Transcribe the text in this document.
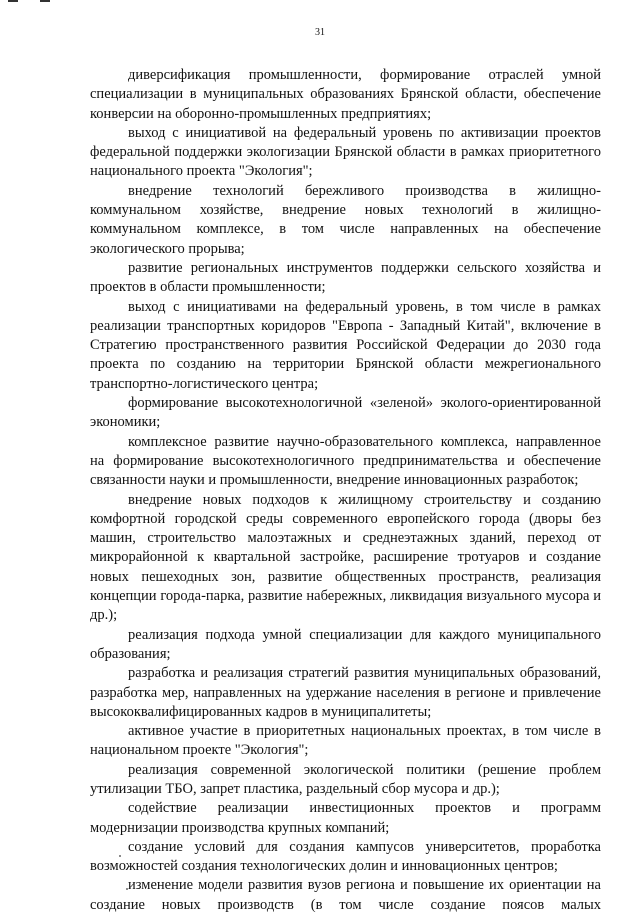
31

диверсификация промышленности, формирование отраслей умной специализации в муниципальных образованиях Брянской области, обеспечение конверсии на оборонно-промышленных предприятиях;

выход с инициативой на федеральный уровень по активизации проектов федеральной поддержки экологизации Брянской области в рамках приоритетного национального проекта "Экология";

внедрение технологий бережливого производства в жилищно-коммунальном хозяйстве, внедрение новых технологий в жилищно-коммунальном комплексе, в том числе направленных на обеспечение экологического прорыва;

развитие региональных инструментов поддержки сельского хозяйства и проектов в области промышленности;

выход с инициативами на федеральный уровень, в том числе в рамках реализации транспортных коридоров "Европа - Западный Китай", включение в Стратегию пространственного развития Российской Федерации до 2030 года проекта по созданию на территории Брянской области межрегионального транспортно-логистического центра;

формирование высокотехнологичной «зеленой» эколого-ориентированной экономики;

комплексное развитие научно-образовательного комплекса, направленное на формирование высокотехнологичного предпринимательства и обеспечение связанности науки и промышленности, внедрение инновационных разработок;

внедрение новых подходов к жилищному строительству и созданию комфортной городской среды современного европейского города (дворы без машин, строительство малоэтажных и среднеэтажных зданий, переход от микрорайонной к квартальной застройке, расширение тротуаров и создание новых пешеходных зон, развитие общественных пространств, реализация концепции города-парка, развитие набережных, ликвидация визуального мусора и др.);

реализация подхода умной специализации для каждого муниципального образования;

разработка и реализация стратегий развития муниципальных образований, разработка мер, направленных на удержание населения в регионе и привлечение высококвалифицированных кадров в муниципалитеты;

активное участие в приоритетных национальных проектах, в том числе в национальном проекте "Экология";

реализация современной экологической политики (решение проблем утилизации ТБО, запрет пластика, раздельный сбор мусора и др.);

содействие реализации инвестиционных проектов и программ модернизации производства крупных компаний;

создание условий для создания кампусов университетов, проработка возможностей создания технологических долин и инновационных центров;

изменение модели развития вузов региона и повышение их ориентации на создание новых производств (в том числе создание поясов малых
